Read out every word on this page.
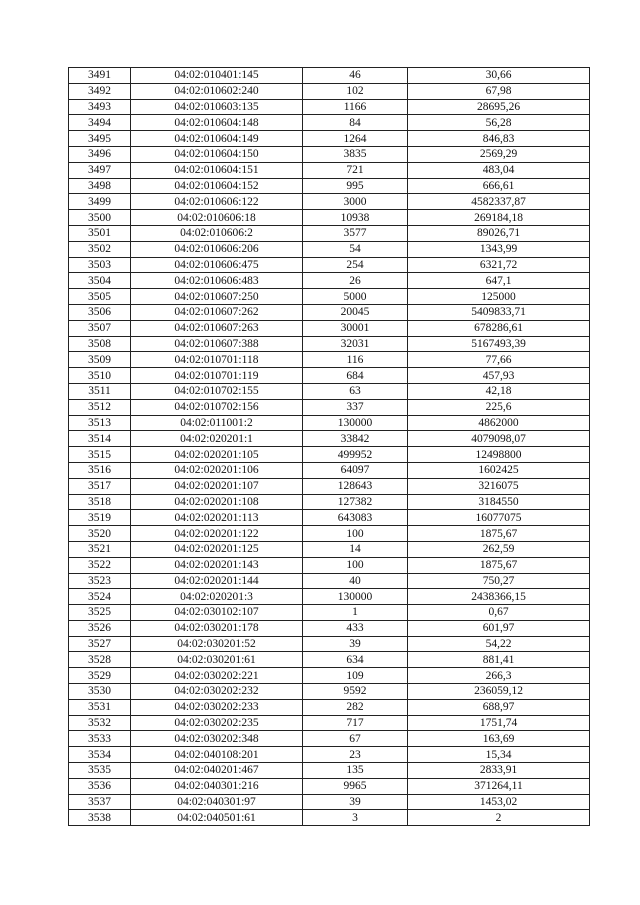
3491	04:02:010401:145	46	30,66
3492	04:02:010602:240	102	67,98
3493	04:02:010603:135	1166	28695,26
3494	04:02:010604:148	84	56,28
3495	04:02:010604:149	1264	846,83
3496	04:02:010604:150	3835	2569,29
3497	04:02:010604:151	721	483,04
3498	04:02:010604:152	995	666,61
3499	04:02:010606:122	3000	4582337,87
3500	04:02:010606:18	10938	269184,18
3501	04:02:010606:2	3577	89026,71
3502	04:02:010606:206	54	1343,99
3503	04:02:010606:475	254	6321,72
3504	04:02:010606:483	26	647,1
3505	04:02:010607:250	5000	125000
3506	04:02:010607:262	20045	5409833,71
3507	04:02:010607:263	30001	678286,61
3508	04:02:010607:388	32031	5167493,39
3509	04:02:010701:118	116	77,66
3510	04:02:010701:119	684	457,93
3511	04:02:010702:155	63	42,18
3512	04:02:010702:156	337	225,6
3513	04:02:011001:2	130000	4862000
3514	04:02:020201:1	33842	4079098,07
3515	04:02:020201:105	499952	12498800
3516	04:02:020201:106	64097	1602425
3517	04:02:020201:107	128643	3216075
3518	04:02:020201:108	127382	3184550
3519	04:02:020201:113	643083	16077075
3520	04:02:020201:122	100	1875,67
3521	04:02:020201:125	14	262,59
3522	04:02:020201:143	100	1875,67
3523	04:02:020201:144	40	750,27
3524	04:02:020201:3	130000	2438366,15
3525	04:02:030102:107	1	0,67
3526	04:02:030201:178	433	601,97
3527	04:02:030201:52	39	54,22
3528	04:02:030201:61	634	881,41
3529	04:02:030202:221	109	266,3
3530	04:02:030202:232	9592	236059,12
3531	04:02:030202:233	282	688,97
3532	04:02:030202:235	717	1751,74
3533	04:02:030202:348	67	163,69
3534	04:02:040108:201	23	15,34
3535	04:02:040201:467	135	2833,91
3536	04:02:040301:216	9965	371264,11
3537	04:02:040301:97	39	1453,02
3538	04:02:040501:61	3	2
